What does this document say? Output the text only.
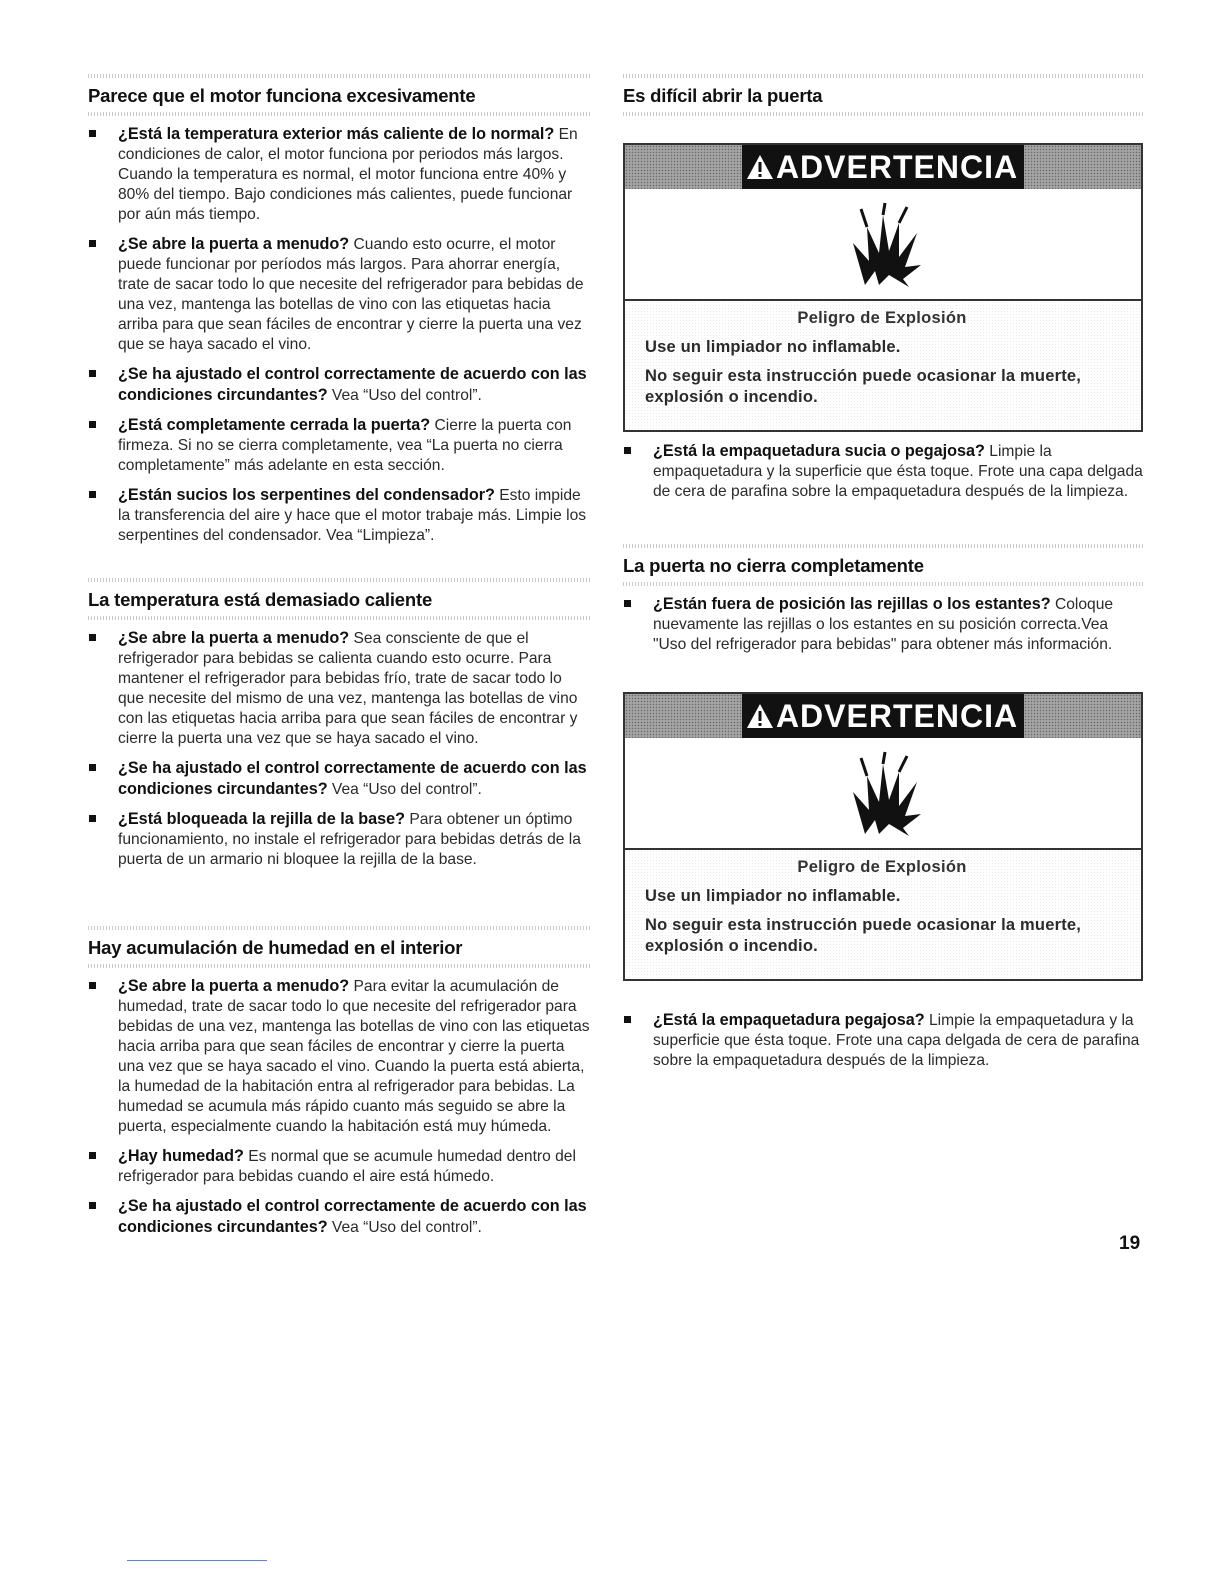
Parece que el motor funciona excesivamente
¿Está la temperatura exterior más caliente de lo normal? En condiciones de calor, el motor funciona por periodos más largos. Cuando la temperatura es normal, el motor funciona entre 40% y 80% del tiempo. Bajo condiciones más calientes, puede funcionar por aún más tiempo.
¿Se abre la puerta a menudo? Cuando esto ocurre, el motor puede funcionar por períodos más largos. Para ahorrar energía, trate de sacar todo lo que necesite del refrigerador para bebidas de una vez, mantenga las botellas de vino con las etiquetas hacia arriba para que sean fáciles de encontrar y cierre la puerta una vez que se haya sacado el vino.
¿Se ha ajustado el control correctamente de acuerdo con las condiciones circundantes? Vea “Uso del control”.
¿Está completamente cerrada la puerta? Cierre la puerta con firmeza. Si no se cierra completamente, vea “La puerta no cierra completamente” más adelante en esta sección.
¿Están sucios los serpentines del condensador? Esto impide la transferencia del aire y hace que el motor trabaje más. Limpie los serpentines del condensador. Vea “Limpieza”.
La temperatura está demasiado caliente
¿Se abre la puerta a menudo? Sea consciente de que el refrigerador para bebidas se calienta cuando esto ocurre. Para mantener el refrigerador para bebidas frío, trate de sacar todo lo que necesite del mismo de una vez, mantenga las botellas de vino con las etiquetas hacia arriba para que sean fáciles de encontrar y cierre la puerta una vez que se haya sacado el vino.
¿Se ha ajustado el control correctamente de acuerdo con las condiciones circundantes? Vea “Uso del control”.
¿Está bloqueada la rejilla de la base? Para obtener un óptimo funcionamiento, no instale el refrigerador para bebidas detrás de la puerta de un armario ni bloquee la rejilla de la base.
Hay acumulación de humedad en el interior
¿Se abre la puerta a menudo? Para evitar la acumulación de humedad, trate de sacar todo lo que necesite del refrigerador para bebidas de una vez, mantenga las botellas de vino con las etiquetas hacia arriba para que sean fáciles de encontrar y cierre la puerta una vez que se haya sacado el vino. Cuando la puerta está abierta, la humedad de la habitación entra al refrigerador para bebidas. La humedad se acumula más rápido cuanto más seguido se abre la puerta, especialmente cuando la habitación está muy húmeda.
¿Hay humedad? Es normal que se acumule humedad dentro del refrigerador para bebidas cuando el aire está húmedo.
¿Se ha ajustado el control correctamente de acuerdo con las condiciones circundantes? Vea “Uso del control”.
Es difícil abrir la puerta
ADVERTENCIA
Peligro de Explosión
Use un limpiador no inflamable.
No seguir esta instrucción puede ocasionar la muerte, explosión o incendio.
¿Está la empaquetadura sucia o pegajosa? Limpie la empaquetadura y la superficie que ésta toque. Frote una capa delgada de cera de parafina sobre la empaquetadura después de la limpieza.
La puerta no cierra completamente
¿Están fuera de posición las rejillas o los estantes? Coloque nuevamente las rejillas o los estantes en su posición correcta.Vea "Uso del refrigerador para bebidas" para obtener más información.
ADVERTENCIA
Peligro de Explosión
Use un limpiador no inflamable.
No seguir esta instrucción puede ocasionar la muerte, explosión o incendio.
¿Está la empaquetadura pegajosa? Limpie la empaquetadura y la superficie que ésta toque. Frote una capa delgada de cera de parafina sobre la empaquetadura después de la limpieza.
19
